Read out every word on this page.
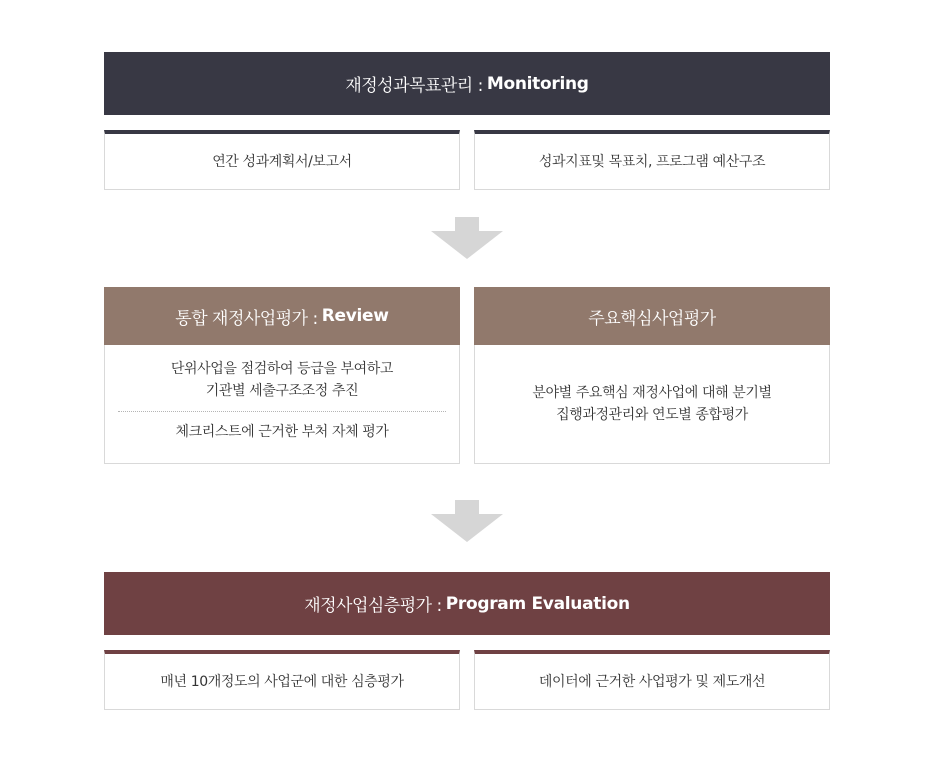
재정성과목표관리 : Monitoring
연간 성과계획서/보고서	성과지표및 목표치, 프로그램 예산구조
통합 재정사업평가 : Review
단위사업을 점검하여 등급을 부여하고
기관별 세출구조조정 추진
체크리스트에 근거한 부처 자체 평가
주요핵심사업평가
분야별 주요핵심 재정사업에 대해 분기별
집행과정관리와 연도별 종합평가
재정사업심층평가 : Program Evaluation
매년 10개정도의 사업군에 대한 심층평가	데이터에 근거한 사업평가 및 제도개선
